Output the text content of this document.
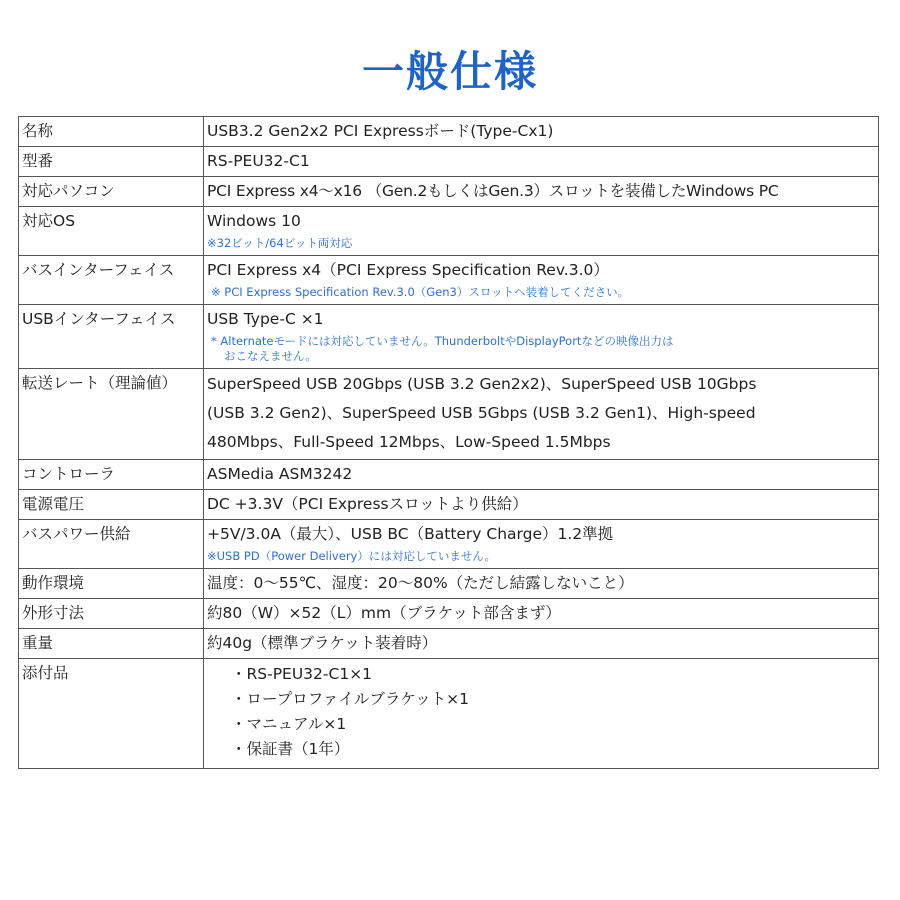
一般仕様
名称	USB3.2 Gen2x2 PCI Expressボード(Type-Cx1)
型番	RS-PEU32-C1
対応パソコン	PCI Express x4～x16 （Gen.2もしくはGen.3）スロットを装備したWindows PC
対応OS	Windows 10
※32ビット/64ビット両対応

バスインターフェイス	PCI Express x4（PCI Express Specification Rev.3.0）
※ PCI Express Specification Rev.3.0（Gen3）スロットへ装着してください。

USBインターフェイス	USB Type-C ×1
* Alternateモードには対応していません。ThunderboltやDisplayPortなどの映像出力は
おこなえません。

転送レート（理論値）	SuperSpeed USB 20Gbps (USB 3.2 Gen2x2)、SuperSpeed USB 10Gbps
(USB 3.2 Gen2)、SuperSpeed USB 5Gbps (USB 3.2 Gen1)、High-speed
480Mbps、Full-Speed 12Mbps、Low-Speed 1.5Mbps

コントローラ	ASMedia ASM3242
電源電圧	DC +3.3V（PCI Expressスロットより供給）
バスパワー供給	+5V/3.0A（最大）、USB BC（Battery Charge）1.2準拠
※USB PD（Power Delivery）には対応していません。

動作環境	温度：0～55℃、湿度：20～80%（ただし結露しないこと）
外形寸法	約80（W）×52（L）mm（ブラケット部含まず）
重量	約40g（標準ブラケット装着時）
添付品	・RS-PEU32-C1×1
・ロープロファイルブラケット×1
・マニュアル×1
・保証書（1年）
